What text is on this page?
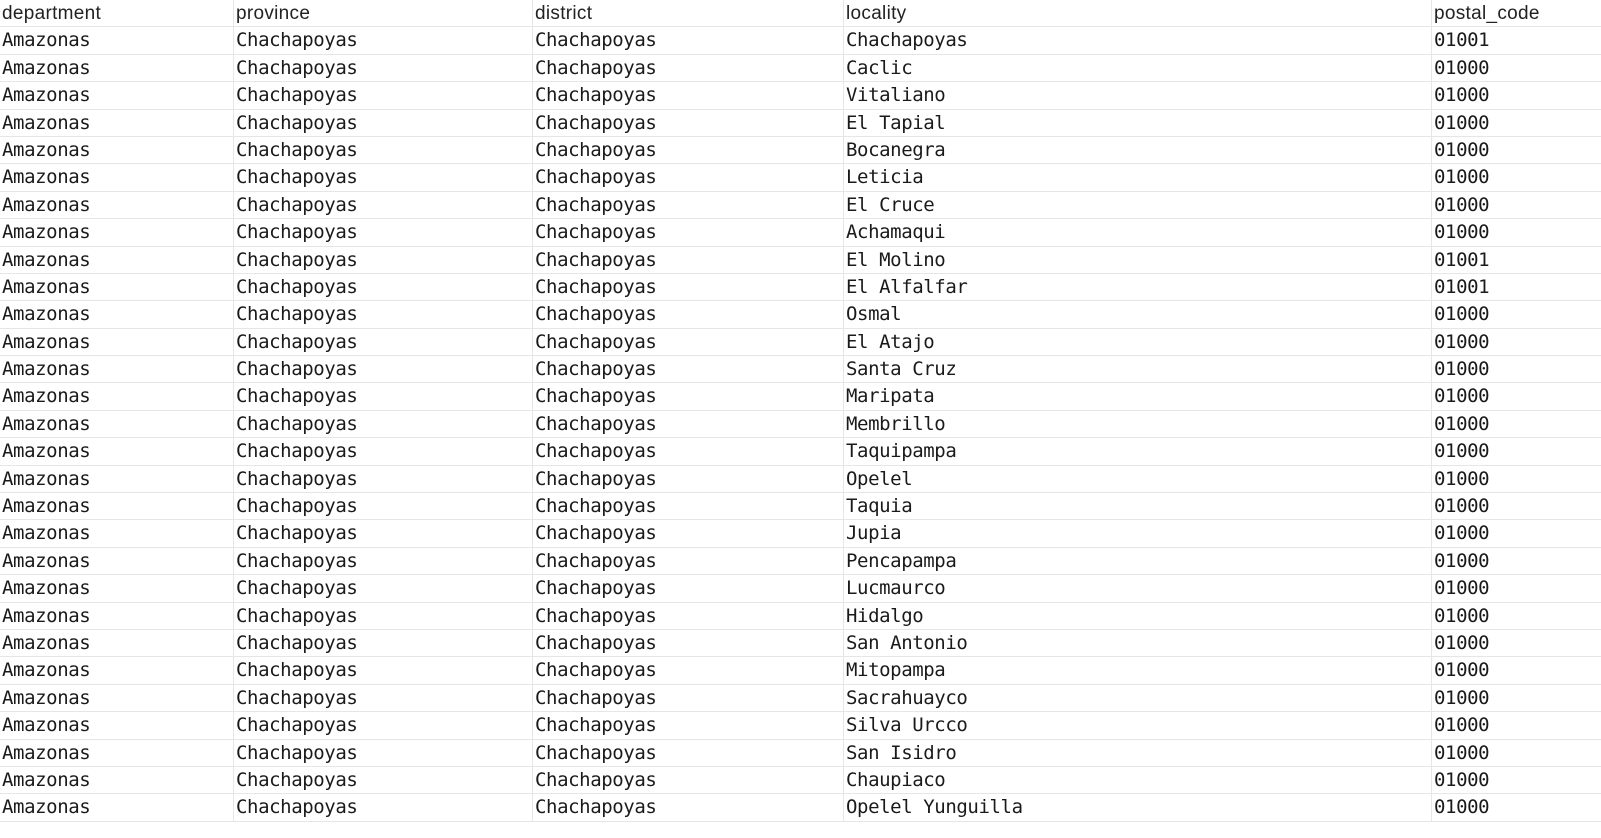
department	province	district	locality	postal_code
Amazonas	Chachapoyas	Chachapoyas	Chachapoyas	01001
Amazonas	Chachapoyas	Chachapoyas	Caclic	01000
Amazonas	Chachapoyas	Chachapoyas	Vitaliano	01000
Amazonas	Chachapoyas	Chachapoyas	El Tapial	01000
Amazonas	Chachapoyas	Chachapoyas	Bocanegra	01000
Amazonas	Chachapoyas	Chachapoyas	Leticia	01000
Amazonas	Chachapoyas	Chachapoyas	El Cruce	01000
Amazonas	Chachapoyas	Chachapoyas	Achamaqui	01000
Amazonas	Chachapoyas	Chachapoyas	El Molino	01001
Amazonas	Chachapoyas	Chachapoyas	El Alfalfar	01001
Amazonas	Chachapoyas	Chachapoyas	Osmal	01000
Amazonas	Chachapoyas	Chachapoyas	El Atajo	01000
Amazonas	Chachapoyas	Chachapoyas	Santa Cruz	01000
Amazonas	Chachapoyas	Chachapoyas	Maripata	01000
Amazonas	Chachapoyas	Chachapoyas	Membrillo	01000
Amazonas	Chachapoyas	Chachapoyas	Taquipampa	01000
Amazonas	Chachapoyas	Chachapoyas	Opelel	01000
Amazonas	Chachapoyas	Chachapoyas	Taquia	01000
Amazonas	Chachapoyas	Chachapoyas	Jupia	01000
Amazonas	Chachapoyas	Chachapoyas	Pencapampa	01000
Amazonas	Chachapoyas	Chachapoyas	Lucmaurco	01000
Amazonas	Chachapoyas	Chachapoyas	Hidalgo	01000
Amazonas	Chachapoyas	Chachapoyas	San Antonio	01000
Amazonas	Chachapoyas	Chachapoyas	Mitopampa	01000
Amazonas	Chachapoyas	Chachapoyas	Sacrahuayco	01000
Amazonas	Chachapoyas	Chachapoyas	Silva Urcco	01000
Amazonas	Chachapoyas	Chachapoyas	San Isidro	01000
Amazonas	Chachapoyas	Chachapoyas	Chaupiaco	01000
Amazonas	Chachapoyas	Chachapoyas	Opelel Yunguilla	01000
